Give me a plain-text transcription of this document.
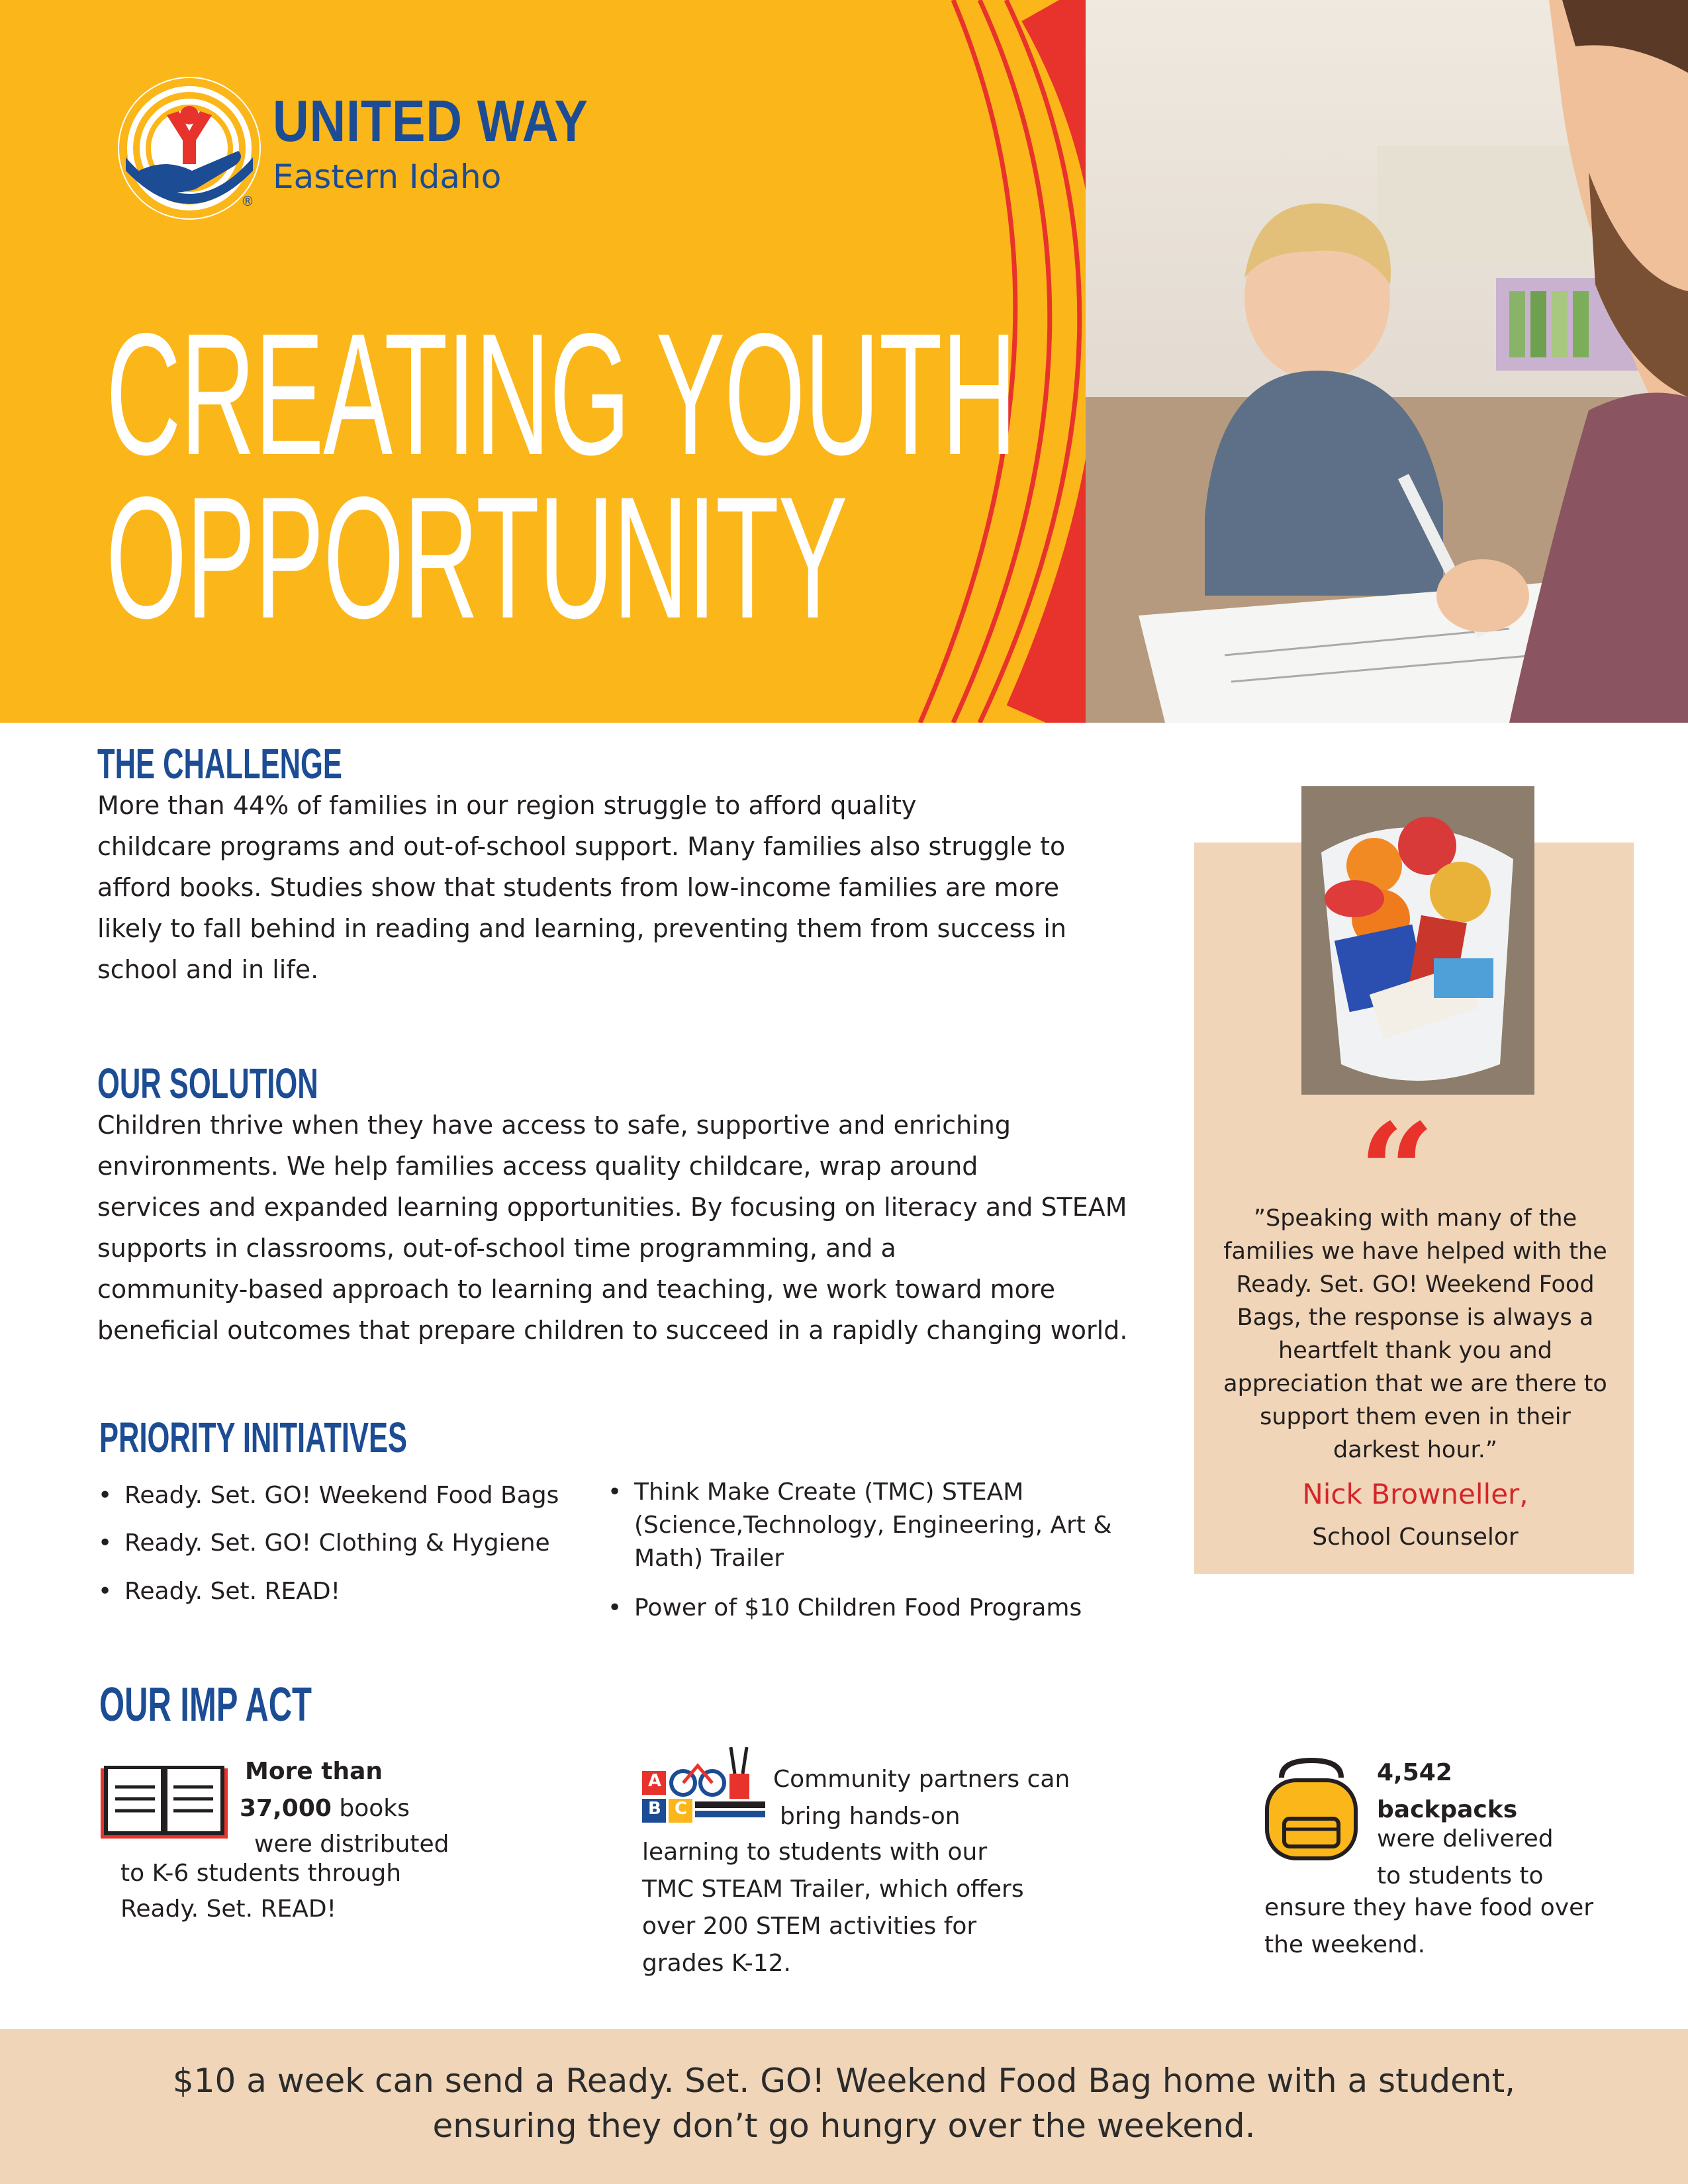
UNITED WAY
Eastern Idaho
®
CREATING YOUTH
OPPORTUNITY
THE CHALLENGE
More than 44% of families in our region struggle to afford quality
childcare programs and out-of-school support. Many families also struggle to
afford books. Studies show that students from low-income families are more
likely to fall behind in reading and learning, preventing them from success in
school and in life.
OUR SOLUTION
Children thrive when they have access to safe, supportive and enriching
environments. We help families access quality childcare, wrap around
services and expanded learning opportunities. By focusing on literacy and STEAM
supports in classrooms, out-of-school time programming, and a
community-based approach to learning and teaching, we work toward more
beneficial outcomes that prepare children to succeed in a rapidly changing world.
PRIORITY INITIATIVES
• Ready. Set. GO! Weekend Food Bags
• Ready. Set. GO! Clothing & Hygiene
• Ready. Set. READ!
• Think Make Create (TMC) STEAM
(Science,Technology, Engineering, Art &
Math) Trailer
• Power of $10 Children Food Programs
“
”Speaking with many of the
families we have helped with the
Ready. Set. GO! Weekend Food
Bags, the response is always a
heartfelt thank you and
appreciation that we are there to
support them even in their
darkest hour.”
Nick Browneller,
School Counselor
OUR IMP ACT
More than
37,000 books
were distributed
to K-6 students through
Ready. Set. READ!
A
B C
Community partners can
bring hands-on
learning to students with our
TMC STEAM Trailer, which offers
over 200 STEM activities for
grades K-12.
4,542
backpacks
were delivered
to students to
ensure they have food over
the weekend.
$10 a week can send a Ready. Set. GO! Weekend Food Bag home with a student,
ensuring they don’t go hungry over the weekend.
